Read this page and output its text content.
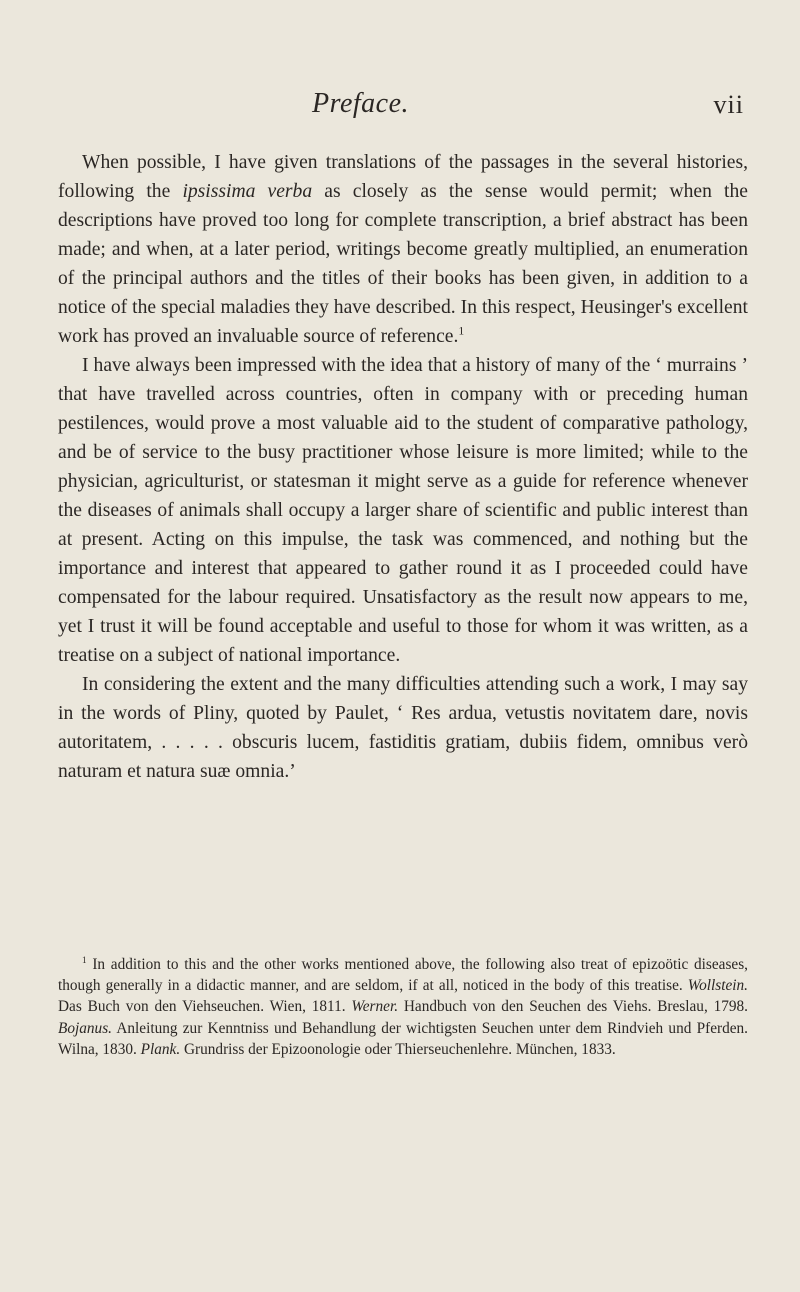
Preface.	vii

When possible, I have given translations of the passages in the several histories, following the ipsissima verba as closely as the sense would permit; when the descriptions have proved too long for complete transcription, a brief abstract has been made; and when, at a later period, writings become greatly multiplied, an enumeration of the principal authors and the titles of their books has been given, in addition to a notice of the special maladies they have described. In this respect, Heusinger's excellent work has proved an invaluable source of reference.$^1$

I have always been impressed with the idea that a history of many of the ‘ murrains ’ that have travelled across countries, often in company with or preceding human pestilences, would prove a most valuable aid to the student of comparative pathology, and be of service to the busy practitioner whose leisure is more limited; while to the physician, agriculturist, or statesman it might serve as a guide for reference whenever the diseases of animals shall occupy a larger share of scientific and public interest than at present. Acting on this impulse, the task was commenced, and nothing but the importance and interest that appeared to gather round it as I proceeded could have compensated for the labour required. Unsatisfactory as the result now appears to me, yet I trust it will be found acceptable and useful to those for whom it was written, as a treatise on a subject of national importance.

In considering the extent and the many difficulties attending such a work, I may say in the words of Pliny, quoted by Paulet, ‘ Res ardua, vetustis novitatem dare, novis autoritatem, . . . . . obscuris lucem, fastiditis gratiam, dubiis fidem, omnibus verò naturam et natura suæ omnia.’

$^1$ In addition to this and the other works mentioned above, the following also treat of epizoötic diseases, though generally in a didactic manner, and are seldom, if at all, noticed in the body of this treatise. Wollstein. Das Buch von den Viehseuchen. Wien, 1811. Werner. Handbuch von den Seuchen des Viehs. Breslau, 1798. Bojanus. Anleitung zur Kenntniss und Behandlung der wichtigsten Seuchen unter dem Rindvieh und Pferden. Wilna, 1830. Plank. Grundriss der Epizoonologie oder Thierseuchenlehre. München, 1833.
